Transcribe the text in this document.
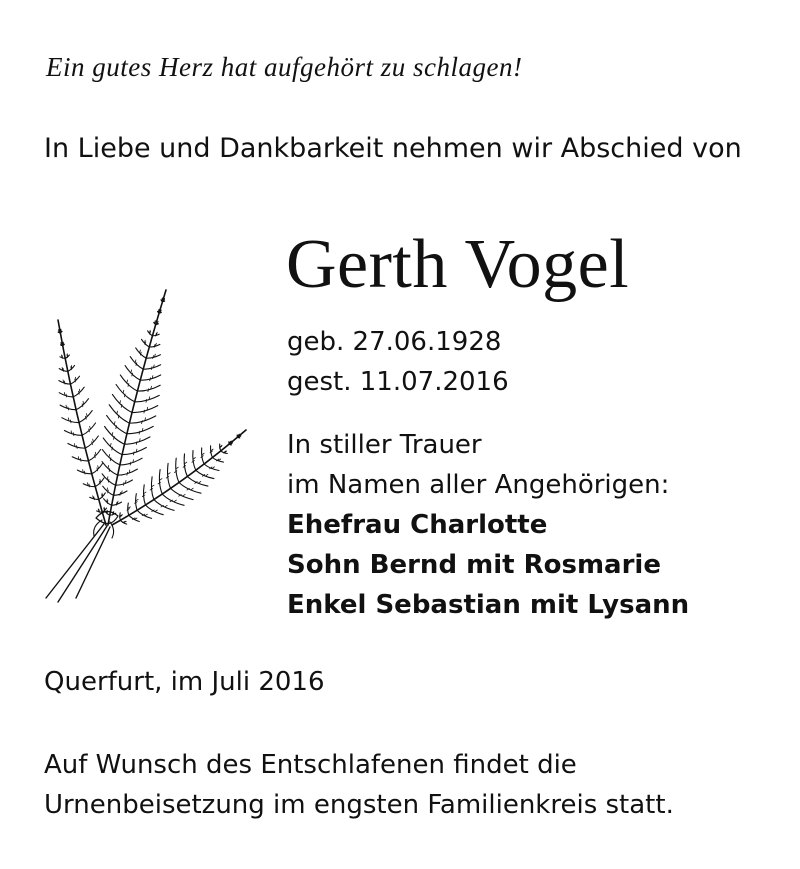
Ein gutes Herz hat aufgehört zu schlagen!

In Liebe und Dankbarkeit nehmen wir Abschied von

Gerth Vogel

geb. 27.06.1928
gest. 11.07.2016
In stiller Trauer
im Namen aller Angehörigen:
Ehefrau Charlotte
Sohn Bernd mit Rosmarie
Enkel Sebastian mit Lysann

Querfurt, im Juli 2016

Auf Wunsch des Entschlafenen findet die
Urnenbeisetzung im engsten Familienkreis statt.
